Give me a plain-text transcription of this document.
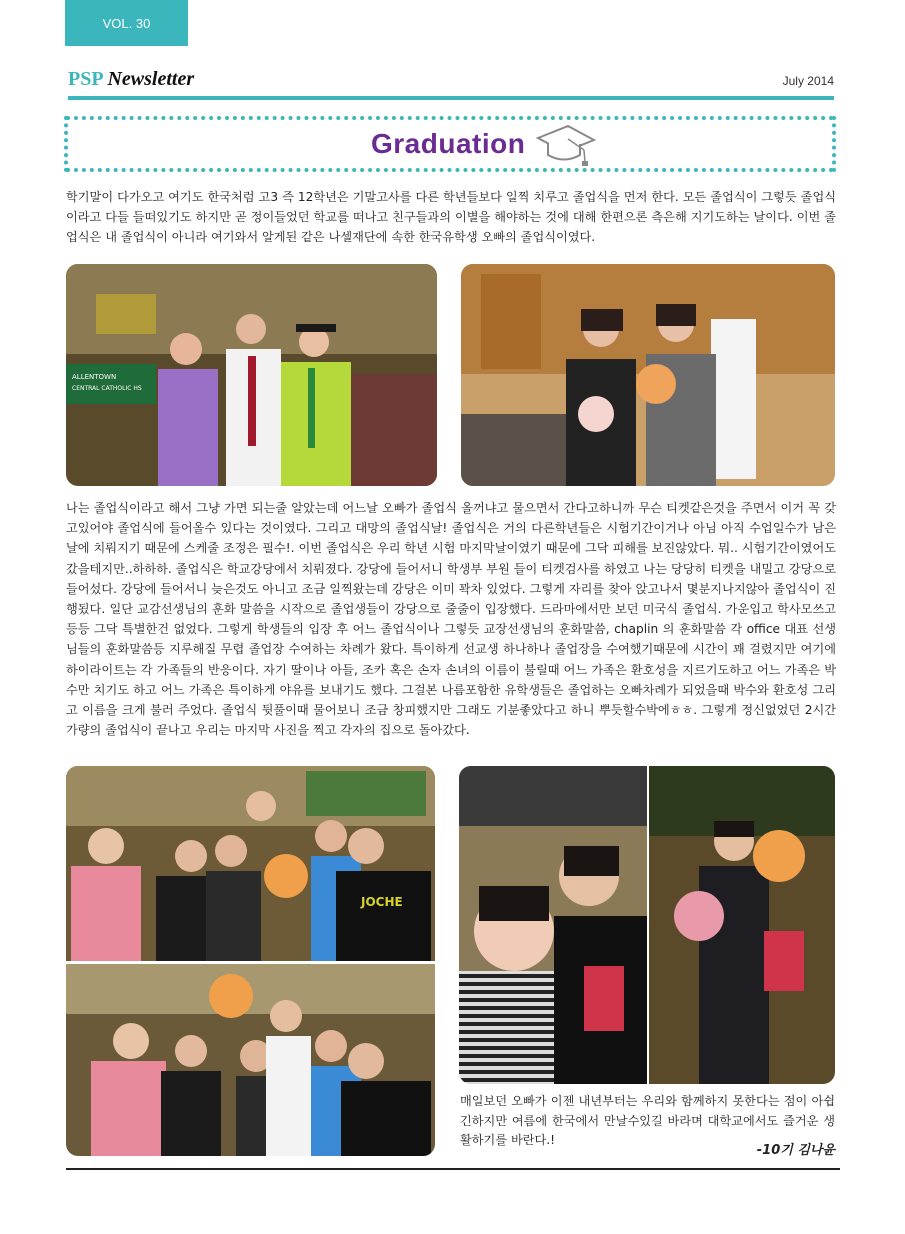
VOL. 30
PSP Newsletter	July 2014
Graduation

학기말이 다가오고 여기도 한국처럼 고3 즉 12학년은 기말고사를 다른 학년들보다 일찍 치루고 졸업식을 먼저 한다. 모든 졸업식이 그렇듯 졸업식이라고 다들 들떠있기도 하지만 곧 정이들었던 학교를 떠나고 친구들과의 이별을 해야하는 것에 대해 한편으론 측은해 지기도하는 날이다. 이번 졸업식은 내 졸업식이 아니라 여기와서 알게된 같은 나셀재단에 속한 한국유학생 오빠의 졸업식이였다.

ALLENTOWN
CENTRAL CATHOLIC HS

나는 졸업식이라고 해서 그냥 가면 되는줄 알았는데 어느날 오빠가 졸업식 올꺼냐고 물으면서 간다고하니까 무슨 티켓같은것을 주면서 이거 꼭 갖고있어야 졸업식에 들어올수 있다는 것이였다. 그리고 대망의 졸업식날! 졸업식은 거의 다른학년들은 시험기간이거나 아님 아직 수업일수가 남은 날에 치뤄지기 때문에 스케줄 조정은 필수!. 이번 졸업식은 우리 학년 시험 마지막날이였기 때문에 그닥 피해를 보진않았다. 뭐.. 시험기간이였어도 갔을테지만..하하하. 졸업식은 학교강당에서 치뤄졌다. 강당에 들어서니 학생부 부원 들이 티켓검사를 하였고 나는 당당히 티켓을 내밀고 강당으로 들어섰다. 강당에 들어서니 늦은것도 아니고 조금 일찍왔는데 강당은 이미 꽉차 있었다. 그렇게 자리를 찾아 앉고나서 몇분지나지않아 졸업식이 진행됬다. 일단 교감선생님의 훈화 말씀을 시작으로 졸업생들이 강당으로 줄줄이 입장했다. 드라마에서만 보던 미국식 졸업식. 가운입고 학사모쓰고 등등 그닥 특별한건 없었다. 그렇게 학생들의 입장 후 어느 졸업식이나 그렇듯 교장선생님의 훈화말씀, chaplin 의 훈화말씀 각 office 대표 선생님들의 훈화말씀등 지루해질 무렵 졸업장 수여하는 차례가 왔다. 특이하게 선교생 하나하나 졸업장을 수여했기때문에 시간이 꽤 걸렸지만 여기에 하이라이트는 각 가족들의 반응이다. 자기 딸이나 아들, 조카 혹은 손자 손녀의 이름이 불릴때 어느 가족은 환호성을 지르기도하고 어느 가족은 박수만 치기도 하고 어느 가족은 특이하게 야유를 보내기도 했다. 그걸본 나름포함한 유학생들은 졸업하는 오빠차례가 되었을때 박수와 환호성 그리고 이름을 크게 불러 주었다. 졸업식 뒷풀이때 물어보니 조금 창피했지만 그래도 기분좋았다고 하니 뿌듯할수박에ㅎㅎ. 그렇게 정신없었던 2시간 가량의 졸업식이 끝나고 우리는 마지막 사진을 찍고 각자의 집으로 돌아갔다.

JOCHE

매일보던 오빠가 이젠 내년부터는 우리와 함께하지 못한다는 점이 아쉽긴하지만 여름에 한국에서 만날수있길 바라며 대학교에서도 즐거운 생활하기를 바란다.!

-10기 김나윤
